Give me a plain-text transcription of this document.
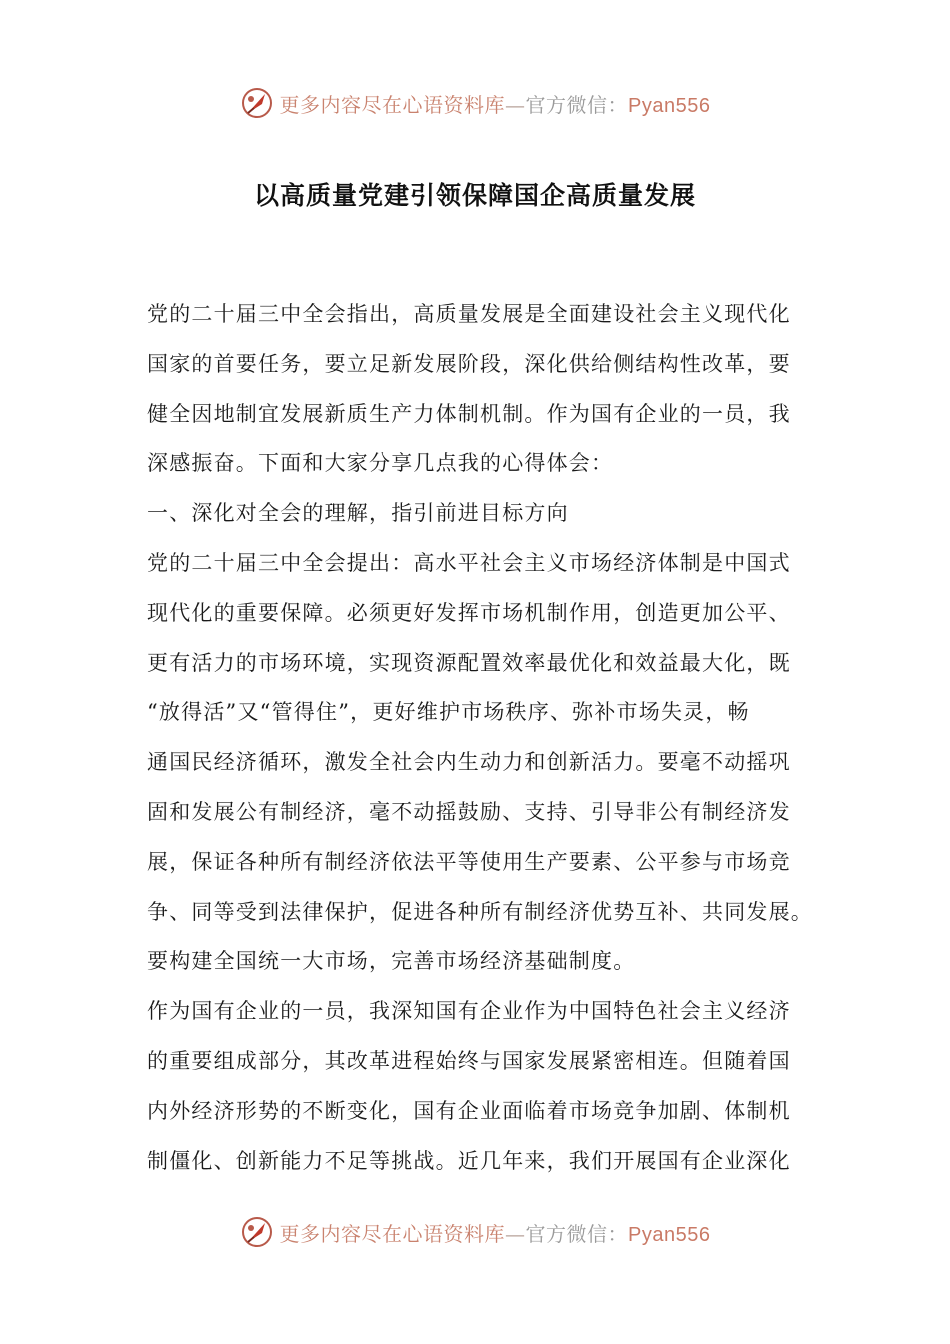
更多内容尽在心语资料库—官方微信：Pyan556
以高质量党建引领保障国企高质量发展
党的二十届三中全会指出，高质量发展是全面建设社会主义现代化
国家的首要任务，要立足新发展阶段，深化供给侧结构性改革，要
健全因地制宜发展新质生产力体制机制。作为国有企业的一员，我
深感振奋。下面和大家分享几点我的心得体会：
一、深化对全会的理解，指引前进目标方向
党的二十届三中全会提出：高水平社会主义市场经济体制是中国式
现代化的重要保障。必须更好发挥市场机制作用，创造更加公平、
更有活力的市场环境，实现资源配置效率最优化和效益最大化，既
“放得活”又“管得住”，更好维护市场秩序、弥补市场失灵，畅
通国民经济循环，激发全社会内生动力和创新活力。要毫不动摇巩
固和发展公有制经济，毫不动摇鼓励、支持、引导非公有制经济发
展，保证各种所有制经济依法平等使用生产要素、公平参与市场竞
争、同等受到法律保护，促进各种所有制经济优势互补、共同发展。
要构建全国统一大市场，完善市场经济基础制度。
作为国有企业的一员，我深知国有企业作为中国特色社会主义经济
的重要组成部分，其改革进程始终与国家发展紧密相连。但随着国
内外经济形势的不断变化，国有企业面临着市场竞争加剧、体制机
制僵化、创新能力不足等挑战。近几年来，我们开展国有企业深化
更多内容尽在心语资料库—官方微信：Pyan556
